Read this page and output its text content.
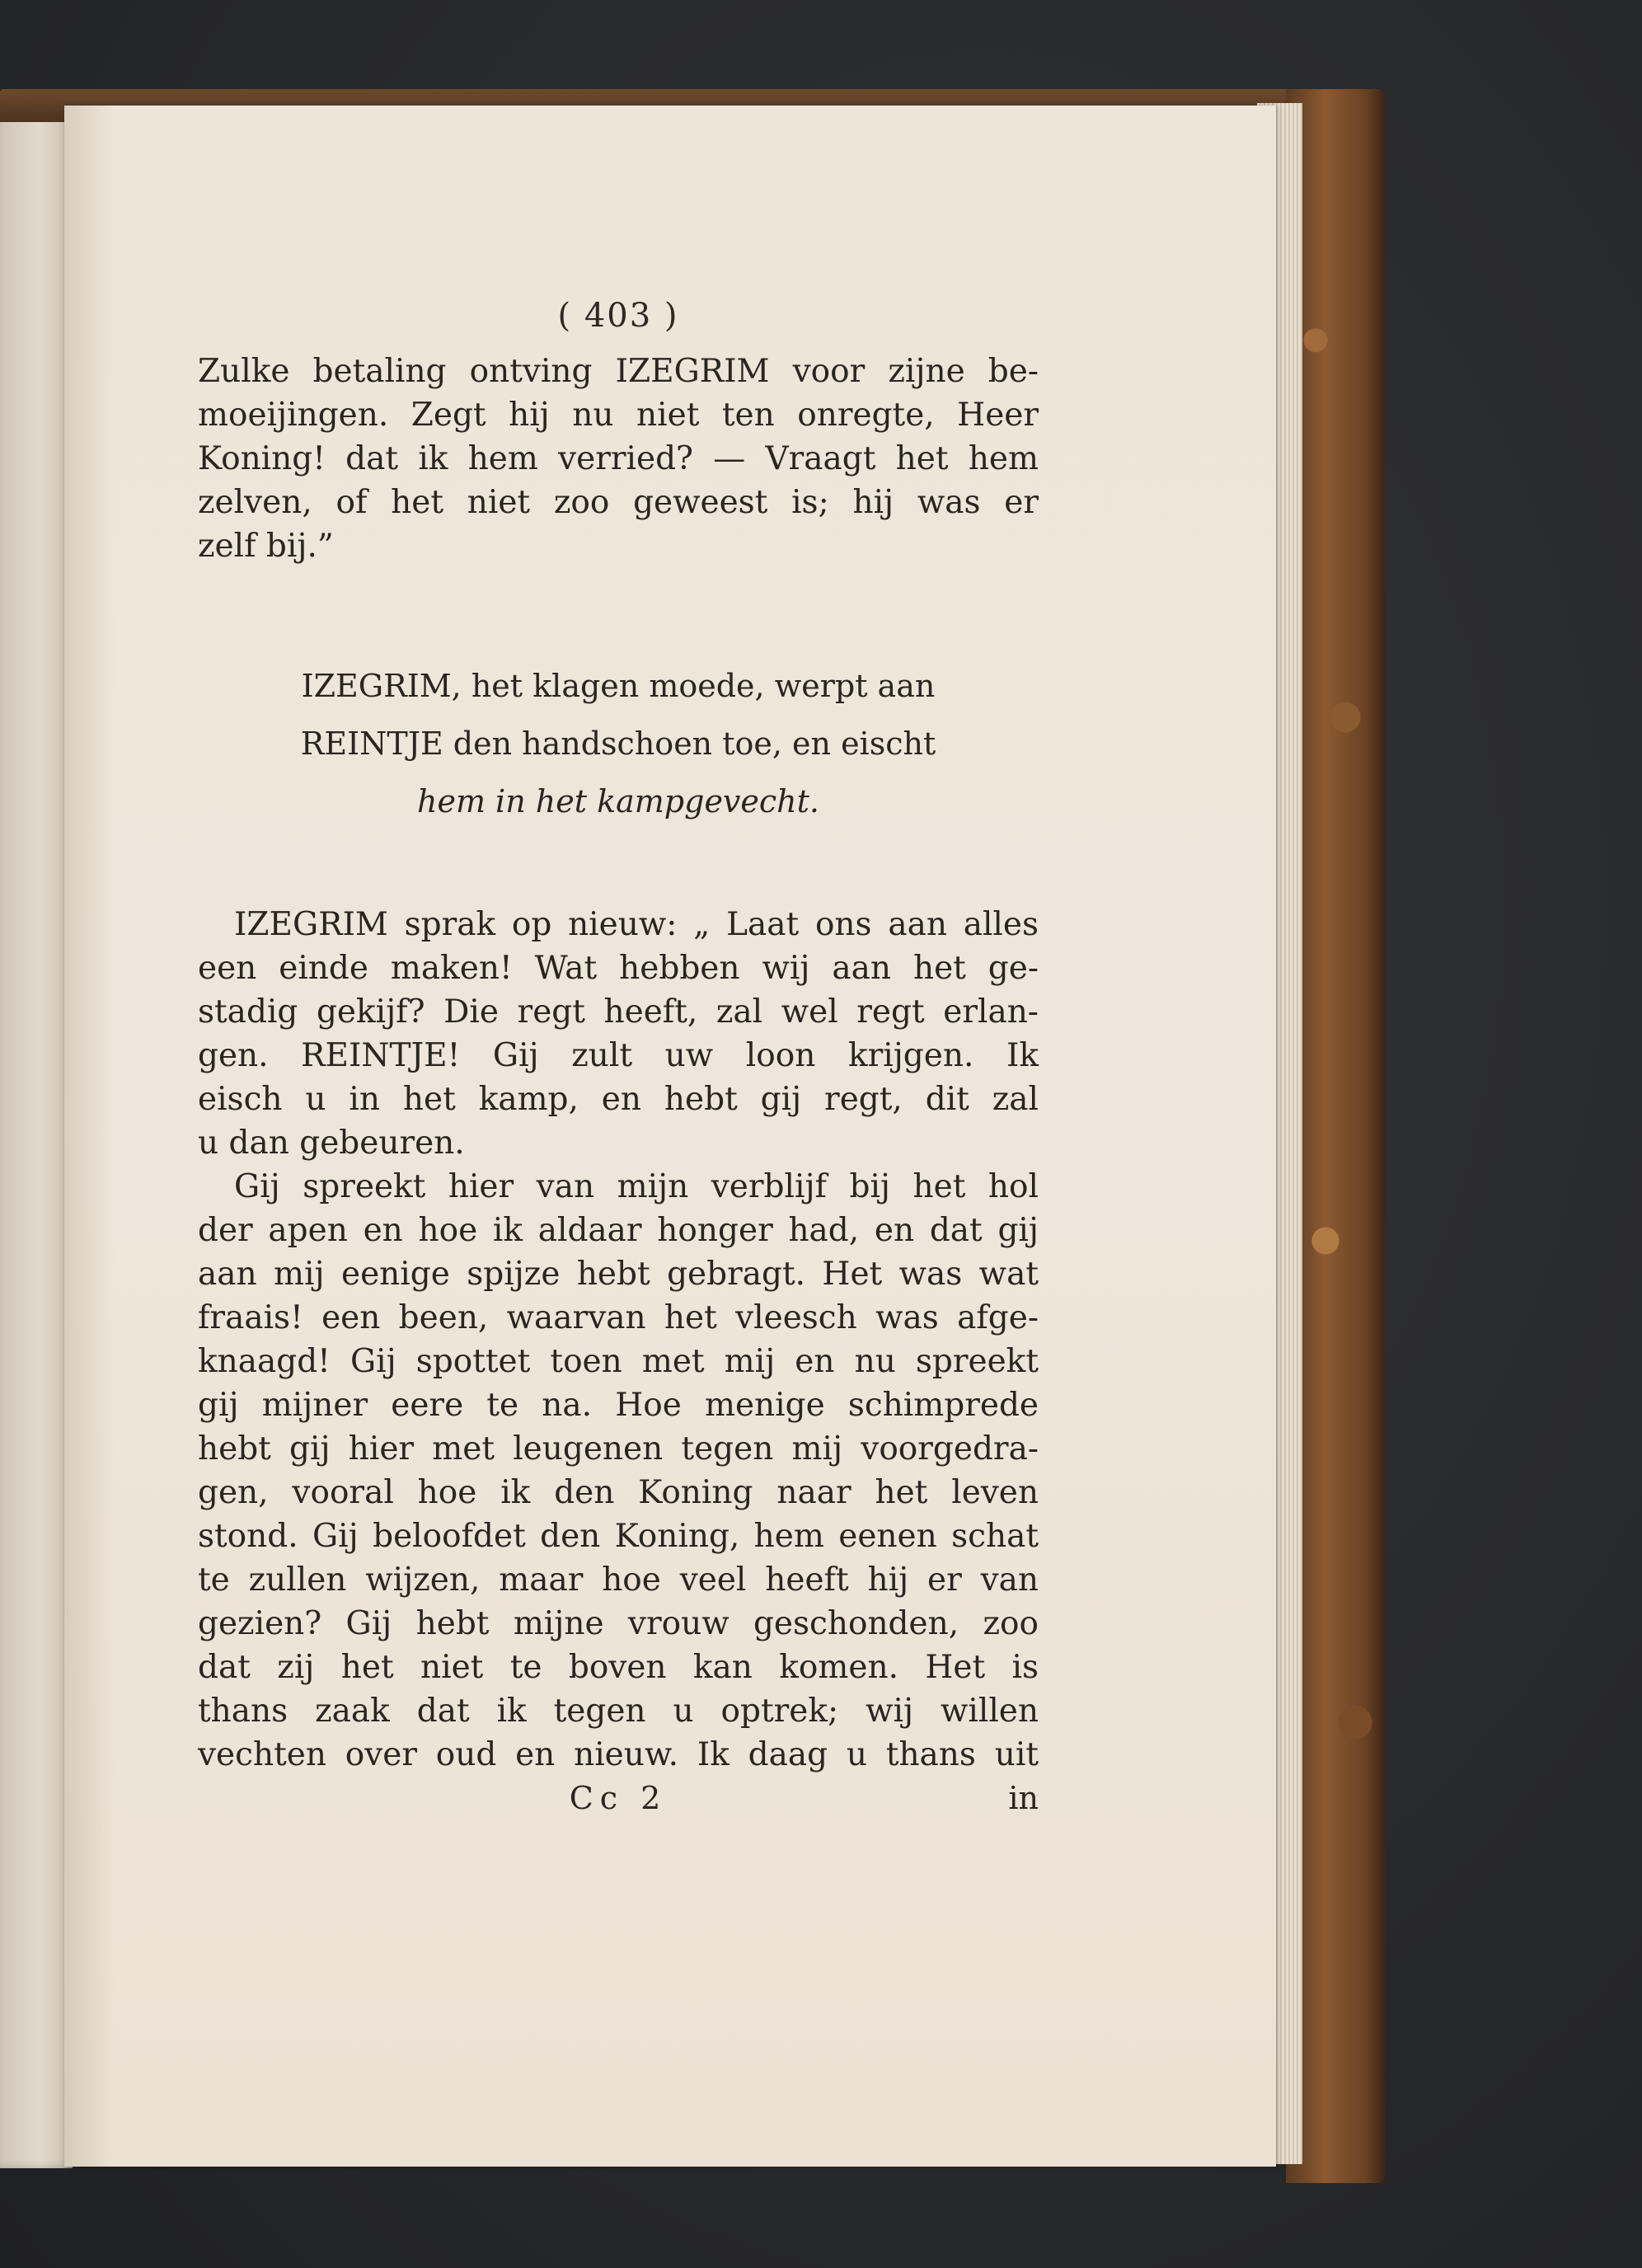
( 403 )
Zulke betaling ontving IZEGRIM voor zijne be-
moeijingen. Zegt hij nu niet ten onregte, Heer
Koning! dat ik hem verried? — Vraagt het hem
zelven, of het niet zoo geweest is; hij was er
zelf bij.”
IZEGRIM, het klagen moede, werpt aan
REINTJE den handschoen toe, en eischt
hem in het kampgevecht.
IZEGRIM sprak op nieuw: „ Laat ons aan alles
een einde maken! Wat hebben wij aan het ge-
stadig gekijf? Die regt heeft, zal wel regt erlan-
gen. REINTJE! Gij zult uw loon krijgen. Ik
eisch u in het kamp, en hebt gij regt, dit zal
u dan gebeuren.
Gij spreekt hier van mijn verblijf bij het hol
der apen en hoe ik aldaar honger had, en dat gij
aan mij eenige spijze hebt gebragt. Het was wat
fraais! een been, waarvan het vleesch was afge-
knaagd! Gij spottet toen met mij en nu spreekt
gij mijner eere te na. Hoe menige schimprede
hebt gij hier met leugenen tegen mij voorgedra-
gen, vooral hoe ik den Koning naar het leven
stond. Gij beloofdet den Koning, hem eenen schat
te zullen wijzen, maar hoe veel heeft hij er van
gezien? Gij hebt mijne vrouw geschonden, zoo
dat zij het niet te boven kan komen. Het is
thans zaak dat ik tegen u optrek; wij willen
vechten over oud en nieuw. Ik daag u thans uit
Cc 2	in
